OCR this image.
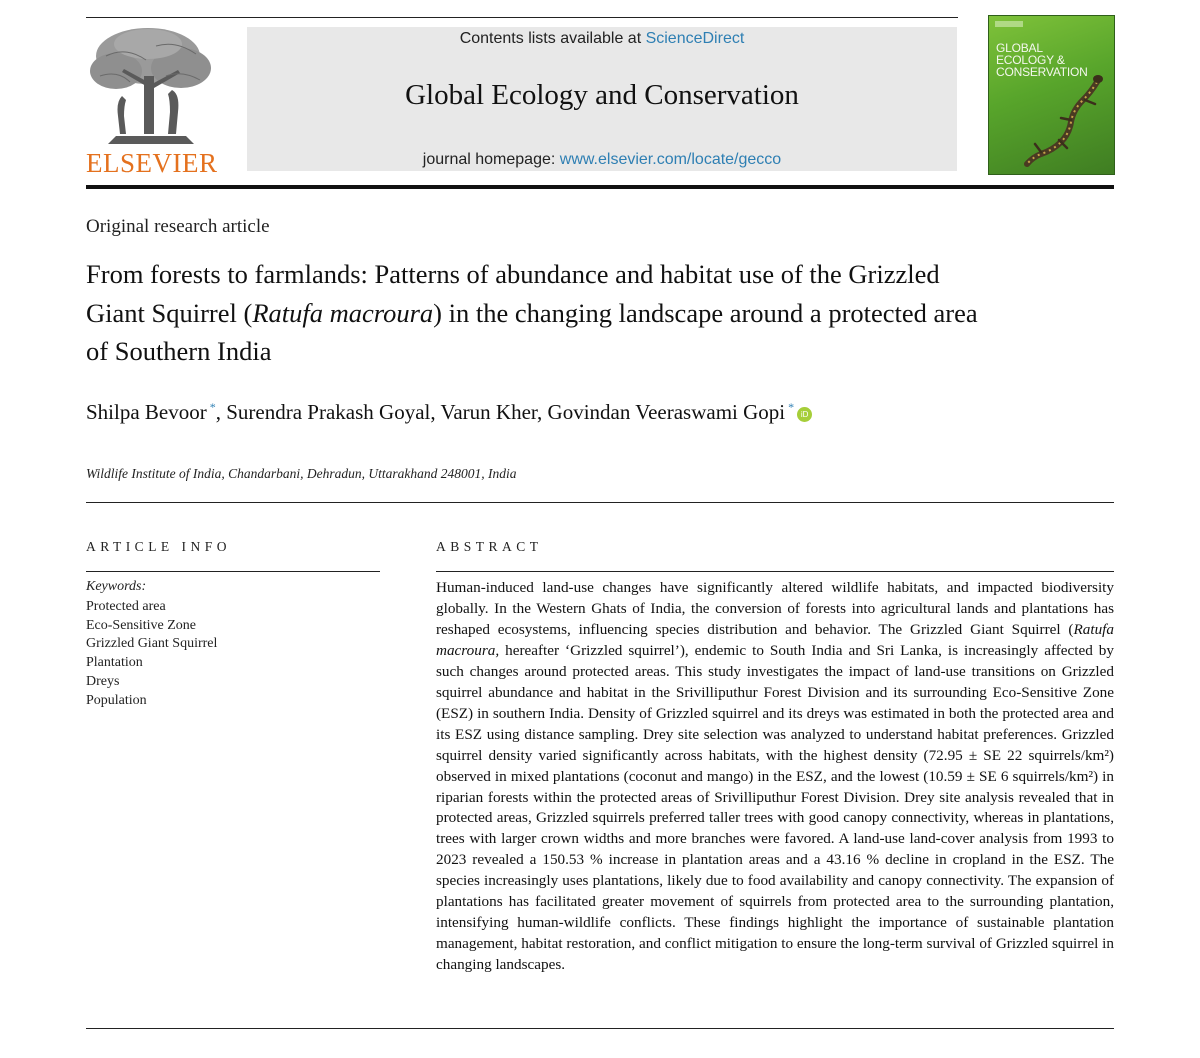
ELSEVIER
Contents lists available at ScienceDirect
Global Ecology and Conservation
journal homepage: www.elsevier.com/locate/gecco
GLOBAL
ECOLOGY &
CONSERVATION
Original research article
From forests to farmlands: Patterns of abundance and habitat use of the Grizzled Giant Squirrel (Ratufa macroura) in the changing landscape around a protected area of Southern India
Shilpa Bevoor *, Surendra Prakash Goyal, Varun Kher, Govindan Veeraswami Gopi *iD
Wildlife Institute of India, Chandarbani, Dehradun, Uttarakhand 248001, India
ARTICLE INFO	ABSTRACT
Keywords:
Protected area
Eco-Sensitive Zone
Grizzled Giant Squirrel
Plantation
Dreys
Population

Human-induced land-use changes have significantly altered wildlife habitats, and impacted biodiversity globally. In the Western Ghats of India, the conversion of forests into agricultural lands and plantations has reshaped ecosystems, influencing species distribution and behavior. The Grizzled Giant Squirrel (Ratufa macroura, hereafter ‘Grizzled squirrel’), endemic to South India and Sri Lanka, is increasingly affected by such changes around protected areas. This study investigates the impact of land-use transitions on Grizzled squirrel abundance and habitat in the Srivilliputhur Forest Division and its surrounding Eco-Sensitive Zone (ESZ) in southern India. Density of Grizzled squirrel and its dreys was estimated in both the protected area and its ESZ using distance sampling. Drey site selection was analyzed to understand habitat preferences. Grizzled squirrel density varied significantly across habitats, with the highest density (72.95 ± SE 22 squirrels/km²) observed in mixed plantations (coconut and mango) in the ESZ, and the lowest (10.59 ± SE 6 squirrels/km²) in riparian forests within the protected areas of Srivilliputhur Forest Division. Drey site analysis revealed that in protected areas, Grizzled squirrels preferred taller trees with good canopy connectivity, whereas in plantations, trees with larger crown widths and more branches were favored. A land-use land-cover analysis from 1993 to 2023 revealed a 150.53 % increase in plantation areas and a 43.16 % decline in cropland in the ESZ. The species increasingly uses plantations, likely due to food availability and canopy connectivity. The expansion of plantations has facilitated greater movement of squirrels from protected area to the surrounding plantation, intensifying human-wildlife conflicts. These findings highlight the importance of sustainable plantation management, habitat restoration, and conflict mitigation to ensure the long-term survival of Grizzled squirrel in changing landscapes.
